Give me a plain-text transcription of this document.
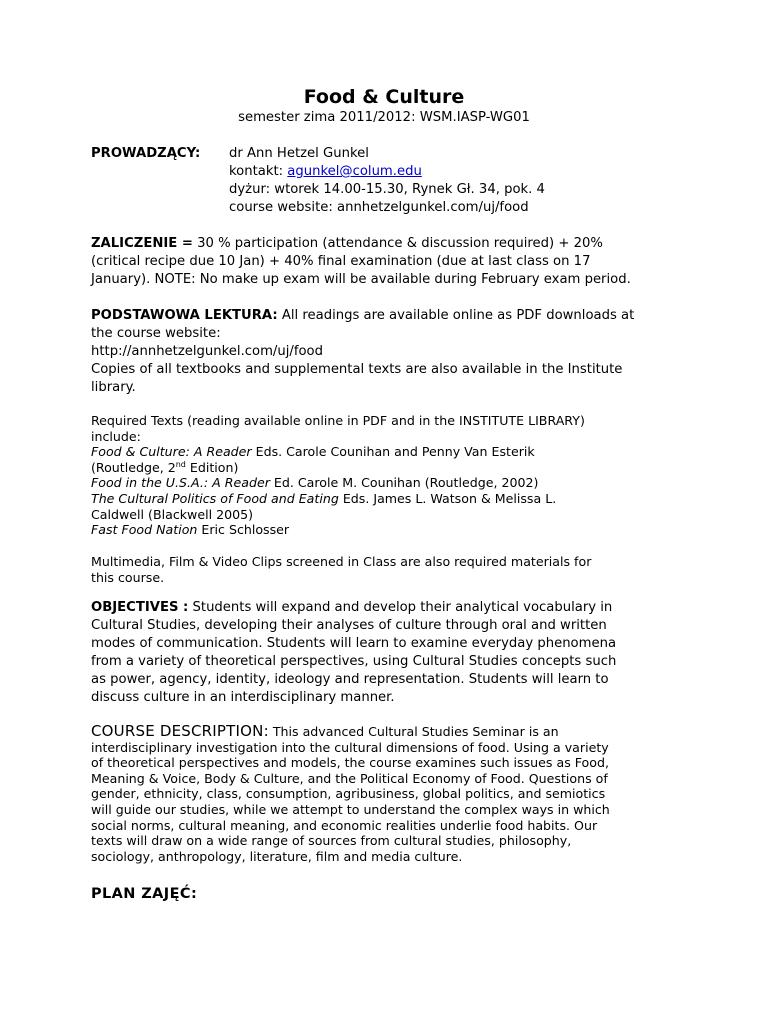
Food & Culture
semester zima 2011/2012: WSM.IASP-WG01
PROWADZĄCY: dr Ann Hetzel Gunkel
kontakt: agunkel@colum.edu
dyżur: wtorek 14.00-15.30, Rynek Gł. 34, pok. 4
course website: annhetzelgunkel.com/uj/food
ZALICZENIE = 30 % participation (attendance & discussion required) + 20%
(critical recipe due 10 Jan) + 40% final examination (due at last class on 17
January). NOTE: No make up exam will be available during February exam period.
PODSTAWOWA LEKTURA: All readings are available online as PDF downloads at
the course website:
http://annhetzelgunkel.com/uj/food
Copies of all textbooks and supplemental texts are also available in the Institute
library.
Required Texts (reading available online in PDF and in the INSTITUTE LIBRARY)
include:
Food & Culture: A Reader Eds. Carole Counihan and Penny Van Esterik
(Routledge, 2nd Edition)
Food in the U.S.A.: A Reader Ed. Carole M. Counihan (Routledge, 2002)
The Cultural Politics of Food and Eating Eds. James L. Watson & Melissa L.
Caldwell (Blackwell 2005)
Fast Food Nation Eric Schlosser
Multimedia, Film & Video Clips screened in Class are also required materials for
this course.
OBJECTIVES : Students will expand and develop their analytical vocabulary in
Cultural Studies, developing their analyses of culture through oral and written
modes of communication. Students will learn to examine everyday phenomena
from a variety of theoretical perspectives, using Cultural Studies concepts such
as power, agency, identity, ideology and representation. Students will learn to
discuss culture in an interdisciplinary manner.
COURSE DESCRIPTION: This advanced Cultural Studies Seminar is an
interdisciplinary investigation into the cultural dimensions of food. Using a variety
of theoretical perspectives and models, the course examines such issues as Food,
Meaning & Voice, Body & Culture, and the Political Economy of Food. Questions of
gender, ethnicity, class, consumption, agribusiness, global politics, and semiotics
will guide our studies, while we attempt to understand the complex ways in which
social norms, cultural meaning, and economic realities underlie food habits. Our
texts will draw on a wide range of sources from cultural studies, philosophy,
sociology, anthropology, literature, film and media culture.
PLAN ZAJĘĆ:
